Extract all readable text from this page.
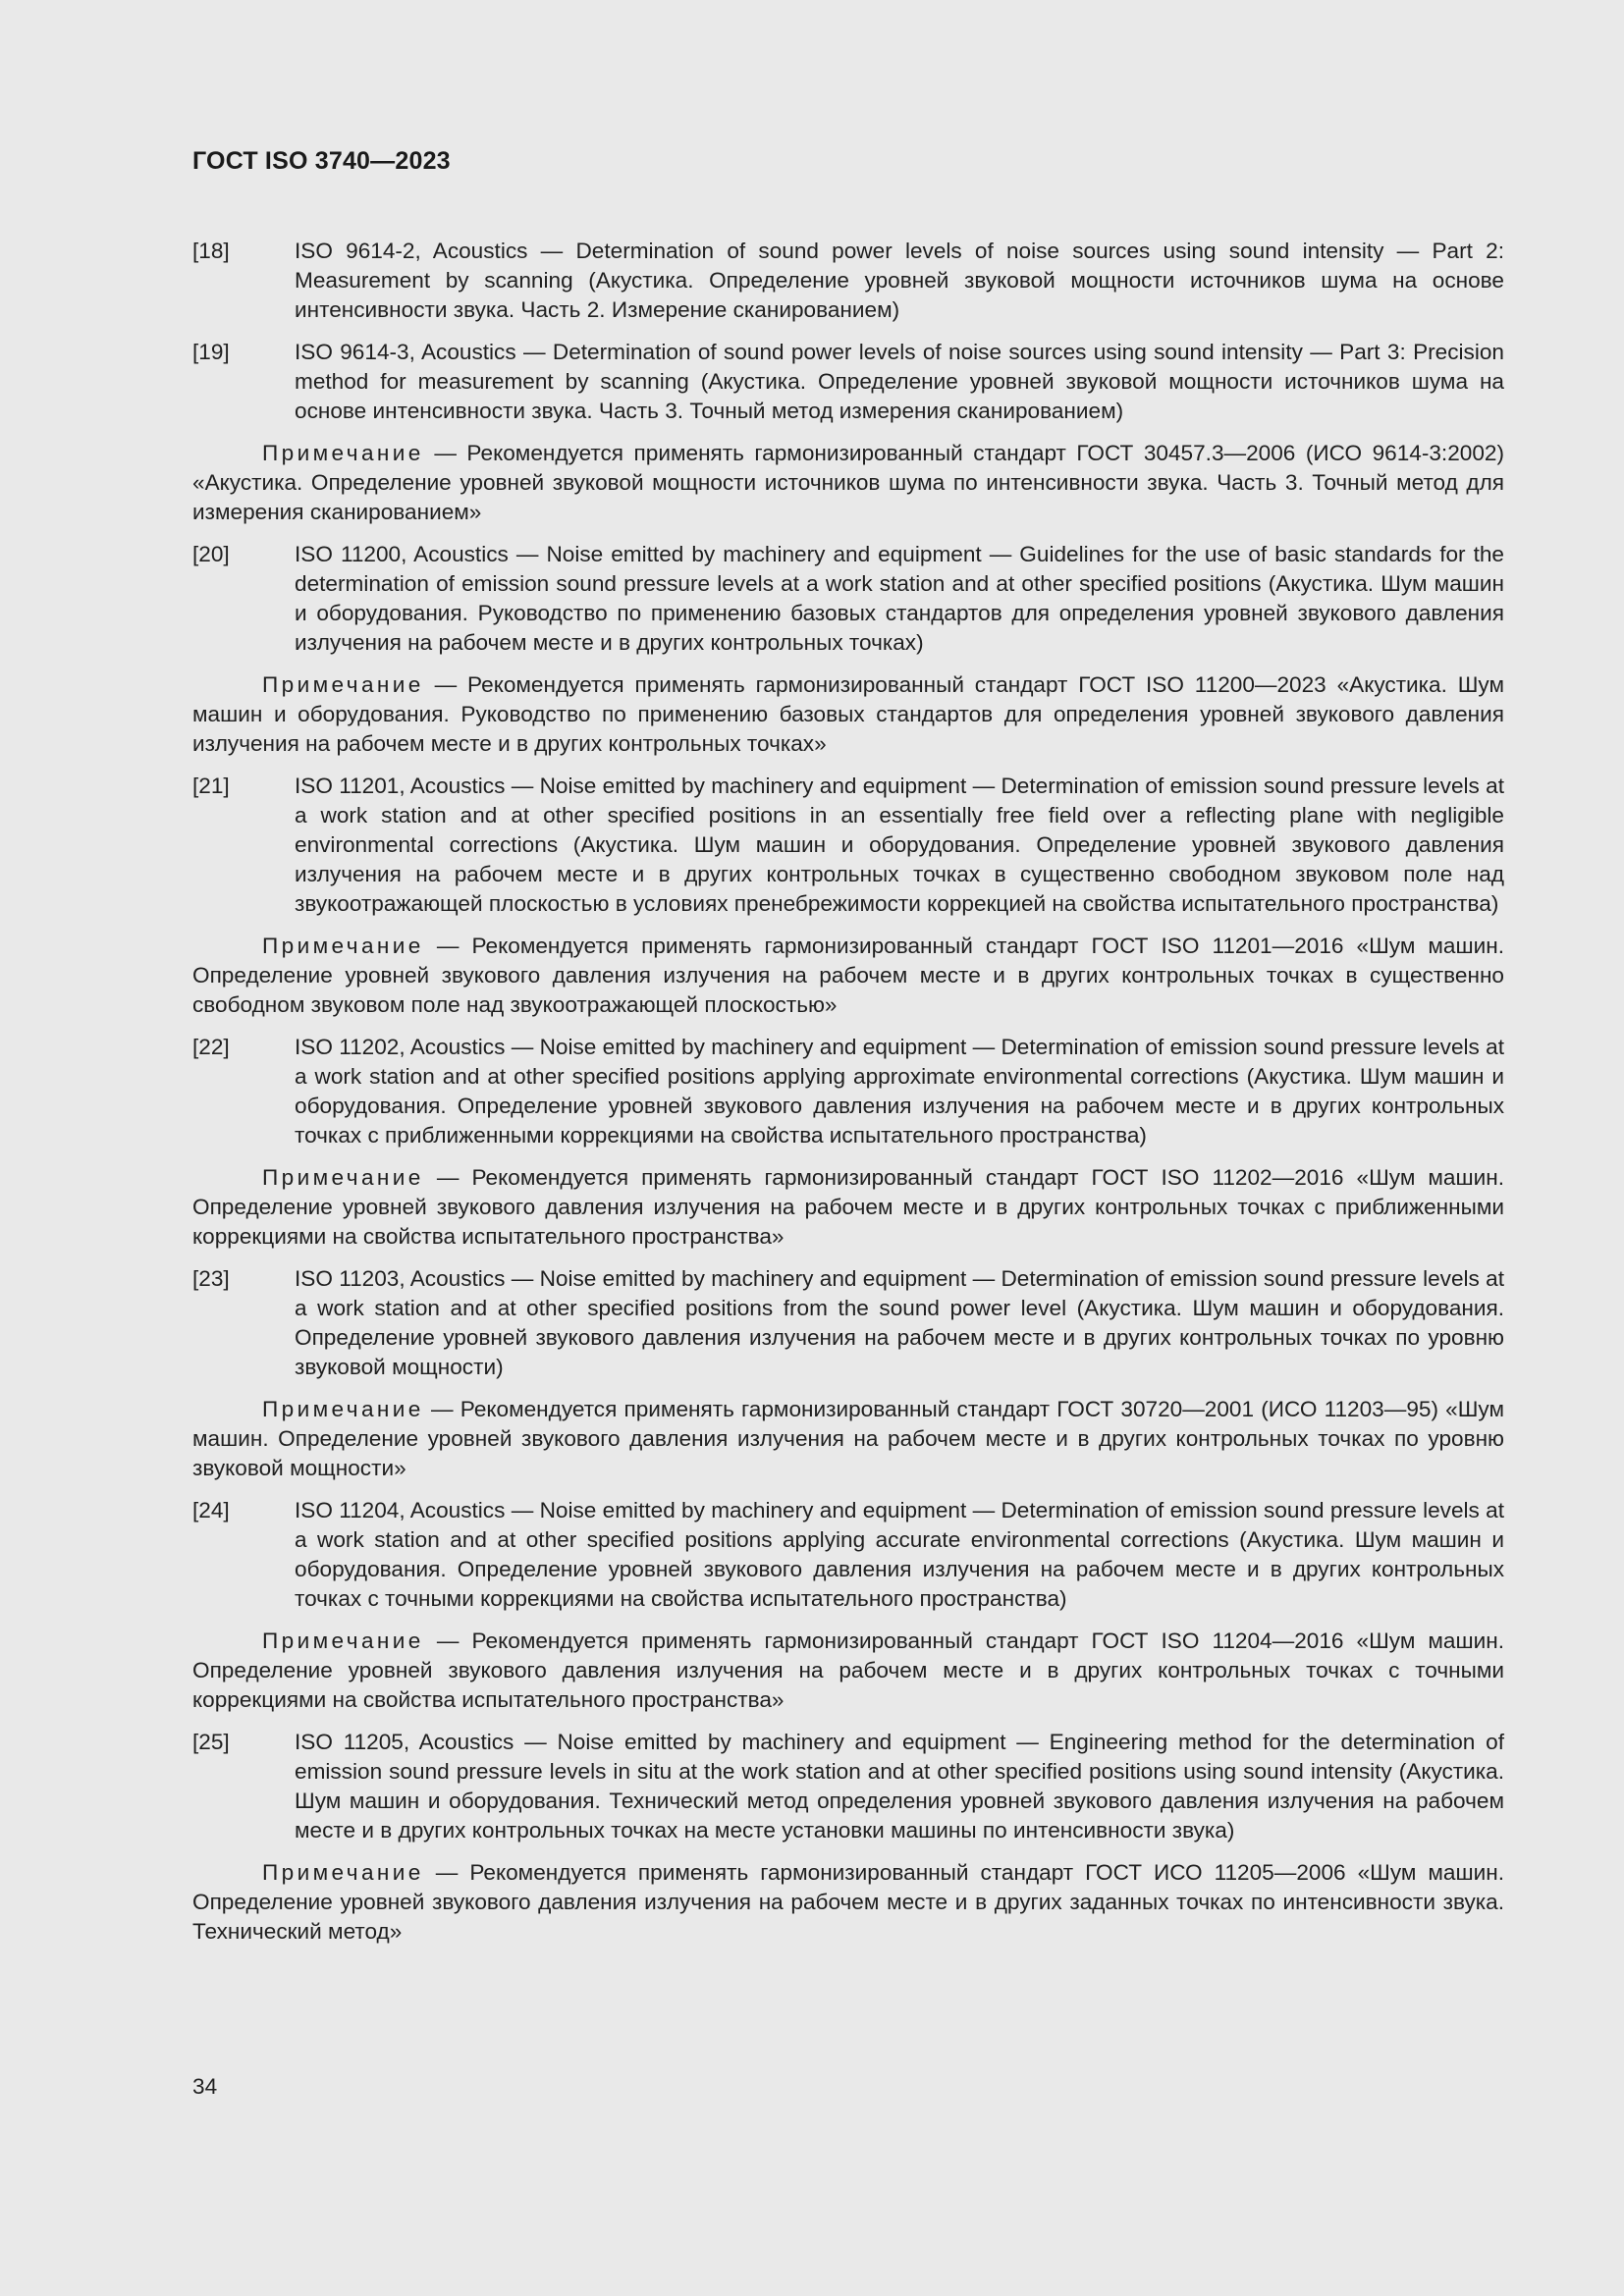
ГОСТ ISO 3740—2023
[18]	ISO 9614-2, Acoustics — Determination of sound power levels of noise sources using sound intensity — Part 2: Measurement by scanning (Акустика. Определение уровней звуковой мощности источников шума на основе интенсивности звука. Часть 2. Измерение сканированием)
[19]	ISO 9614-3, Acoustics — Determination of sound power levels of noise sources using sound intensity — Part 3: Precision method for measurement by scanning (Акустика. Определение уровней звуковой мощности источников шума на основе интенсивности звука. Часть 3. Точный метод измерения сканированием)
Примечание — Рекомендуется применять гармонизированный стандарт ГОСТ 30457.3—2006 (ИСО 9614-3:2002) «Акустика. Определение уровней звуковой мощности источников шума по интенсивности звука. Часть 3. Точный метод для измерения сканированием»
[20]	ISO 11200, Acoustics — Noise emitted by machinery and equipment — Guidelines for the use of basic standards for the determination of emission sound pressure levels at a work station and at other specified positions (Акустика. Шум машин и оборудования. Руководство по применению базовых стандартов для определения уровней звукового давления излучения на рабочем месте и в других контрольных точках)
Примечание — Рекомендуется применять гармонизированный стандарт ГОСТ ISO 11200—2023 «Акустика. Шум машин и оборудования. Руководство по применению базовых стандартов для определения уровней звукового давления излучения на рабочем месте и в других контрольных точках»
[21]	ISO 11201, Acoustics — Noise emitted by machinery and equipment — Determination of emission sound pressure levels at a work station and at other specified positions in an essentially free field over a reflecting plane with negligible environmental corrections (Акустика. Шум машин и оборудования. Определение уровней звукового давления излучения на рабочем месте и в других контрольных точках в существенно свободном звуковом поле над звукоотражающей плоскостью в условиях пренебрежимости коррекцией на свойства испытательного пространства)
Примечание — Рекомендуется применять гармонизированный стандарт ГОСТ ISO 11201—2016 «Шум машин. Определение уровней звукового давления излучения на рабочем месте и в других контрольных точках в существенно свободном звуковом поле над звукоотражающей плоскостью»
[22]	ISO 11202, Acoustics — Noise emitted by machinery and equipment — Determination of emission sound pressure levels at a work station and at other specified positions applying approximate environmental corrections (Акустика. Шум машин и оборудования. Определение уровней звукового давления излучения на рабочем месте и в других контрольных точках с приближенными коррекциями на свойства испытательного пространства)
Примечание — Рекомендуется применять гармонизированный стандарт ГОСТ ISO 11202—2016 «Шум машин. Определение уровней звукового давления излучения на рабочем месте и в других контрольных точках с приближенными коррекциями на свойства испытательного пространства»
[23]	ISO 11203, Acoustics — Noise emitted by machinery and equipment — Determination of emission sound pressure levels at a work station and at other specified positions from the sound power level (Акустика. Шум машин и оборудования. Определение уровней звукового давления излучения на рабочем месте и в других контрольных точках по уровню звуковой мощности)
Примечание — Рекомендуется применять гармонизированный стандарт ГОСТ 30720—2001 (ИСО 11203—95) «Шум машин. Определение уровней звукового давления излучения на рабочем месте и в других контрольных точках по уровню звуковой мощности»
[24]	ISO 11204, Acoustics — Noise emitted by machinery and equipment — Determination of emission sound pressure levels at a work station and at other specified positions applying accurate environmental corrections (Акустика. Шум машин и оборудования. Определение уровней звукового давления излучения на рабочем месте и в других контрольных точках с точными коррекциями на свойства испытательного пространства)
Примечание — Рекомендуется применять гармонизированный стандарт ГОСТ ISO 11204—2016 «Шум машин. Определение уровней звукового давления излучения на рабочем месте и в других контрольных точках с точными коррекциями на свойства испытательного пространства»
[25]	ISO 11205, Acoustics — Noise emitted by machinery and equipment — Engineering method for the determination of emission sound pressure levels in situ at the work station and at other specified positions using sound intensity (Акустика. Шум машин и оборудования. Технический метод определения уровней звукового давления излучения на рабочем месте и в других контрольных точках на месте установки машины по интенсивности звука)
Примечание — Рекомендуется применять гармонизированный стандарт ГОСТ ИСО 11205—2006 «Шум машин. Определение уровней звукового давления излучения на рабочем месте и в других заданных точках по интенсивности звука. Технический метод»
34
